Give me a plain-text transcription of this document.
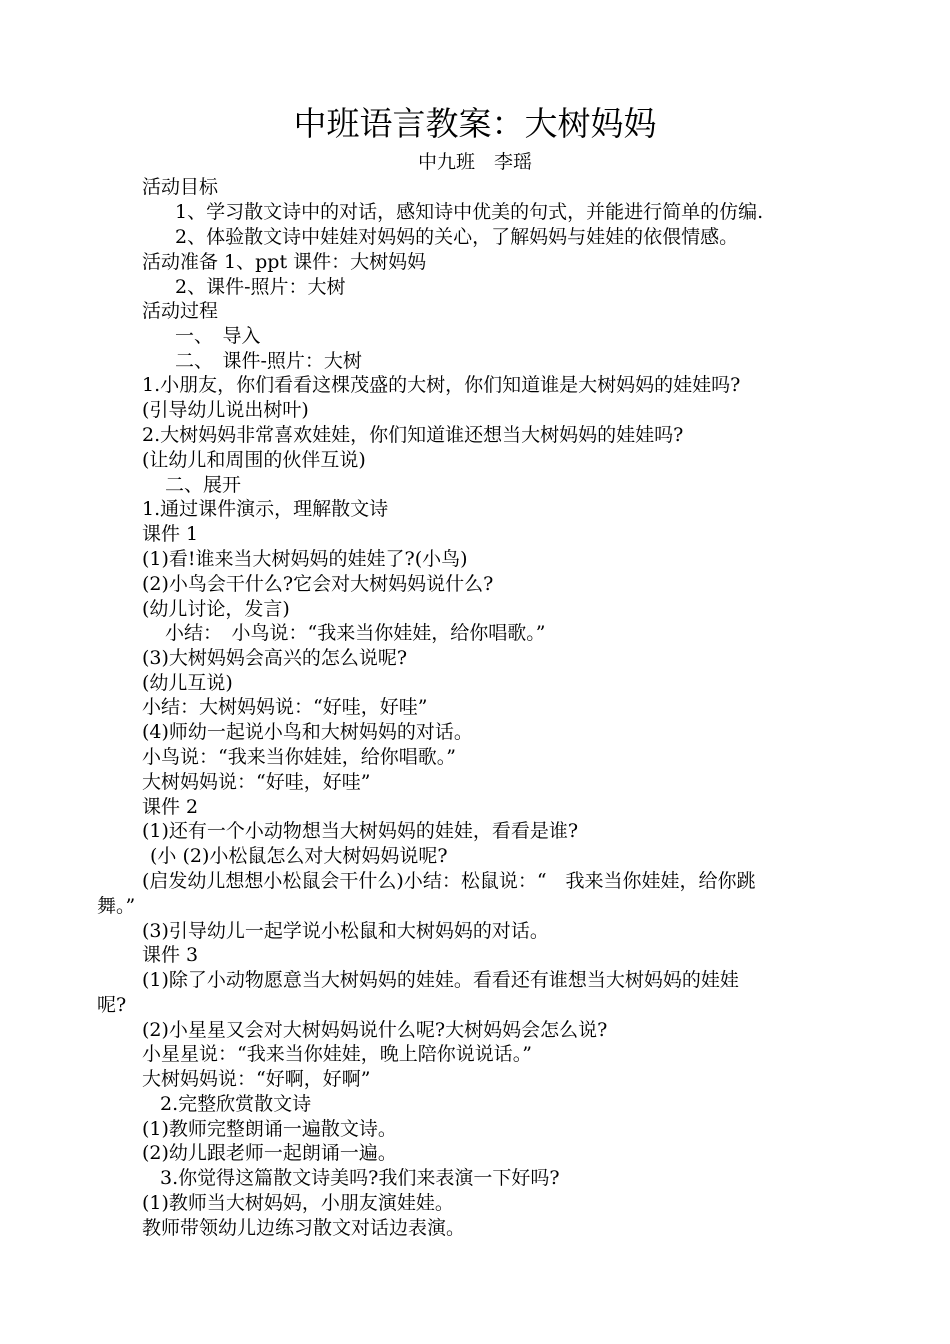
中班语言教案：大树妈妈
中九班　李瑶
活动目标
1、学习散文诗中的对话，感知诗中优美的句式，并能进行简单的仿编.
2、体验散文诗中娃娃对妈妈的关心，了解妈妈与娃娃的依偎情感。
活动准备 1、ppt 课件：大树妈妈
2、课件-照片：大树
活动过程
一、　导入
二、　课件-照片：大树
1.小朋友，你们看看这棵茂盛的大树，你们知道谁是大树妈妈的娃娃吗?
(引导幼儿说出树叶)
2.大树妈妈非常喜欢娃娃，你们知道谁还想当大树妈妈的娃娃吗?
(让幼儿和周围的伙伴互说)
二、展开
1.通过课件演示，理解散文诗
课件 1
(1)看!谁来当大树妈妈的娃娃了?(小鸟)
(2)小鸟会干什么?它会对大树妈妈说什么?
(幼儿讨论，发言)
小结：　小鸟说：“我来当你娃娃，给你唱歌。”
(3)大树妈妈会高兴的怎么说呢?
(幼儿互说)
小结：大树妈妈说：“好哇，好哇”
(4)师幼一起说小鸟和大树妈妈的对话。
小鸟说：“我来当你娃娃，给你唱歌。”
大树妈妈说：“好哇，好哇”
课件 2
(1)还有一个小动物想当大树妈妈的娃娃，看看是谁?
(小 (2)小松鼠怎么对大树妈妈说呢?
(启发幼儿想想小松鼠会干什么)小结：松鼠说：“　我来当你娃娃，给你跳
舞。”
(3)引导幼儿一起学说小松鼠和大树妈妈的对话。
课件 3
(1)除了小动物愿意当大树妈妈的娃娃。看看还有谁想当大树妈妈的娃娃
呢?
(2)小星星又会对大树妈妈说什么呢?大树妈妈会怎么说?
小星星说：“我来当你娃娃，晚上陪你说说话。”
大树妈妈说：“好啊，好啊”
2.完整欣赏散文诗
(1)教师完整朗诵一遍散文诗。
(2)幼儿跟老师一起朗诵一遍。
3.你觉得这篇散文诗美吗?我们来表演一下好吗?
(1)教师当大树妈妈，小朋友演娃娃。
教师带领幼儿边练习散文对话边表演。
